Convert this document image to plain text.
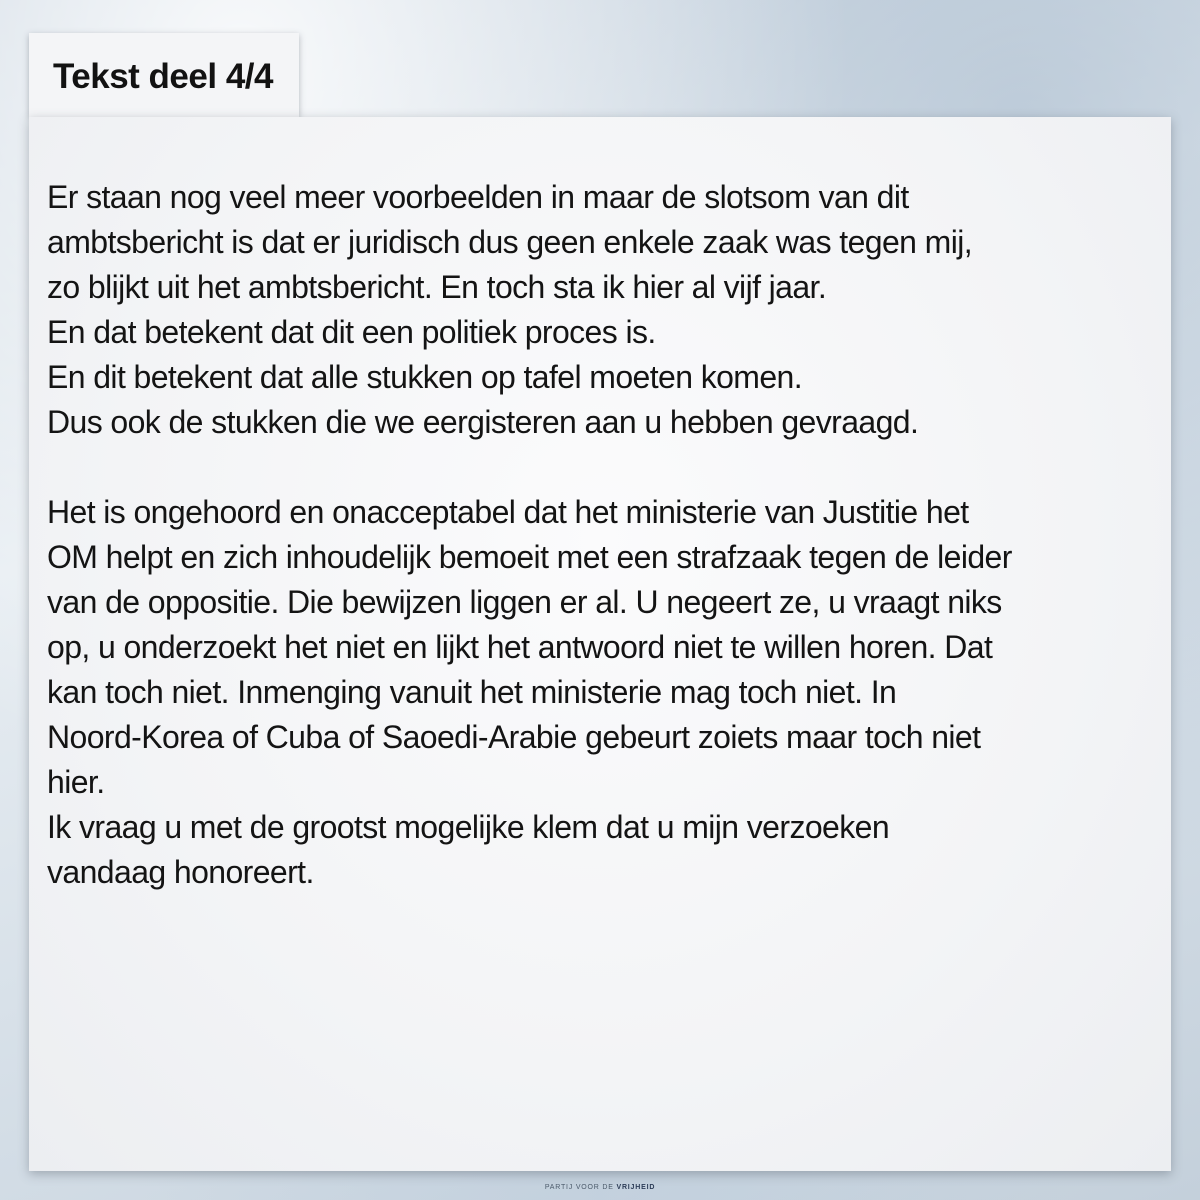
Tekst deel 4/4

Er staan nog veel meer voorbeelden in maar de slotsom van dit
ambtsbericht is dat er juridisch dus geen enkele zaak was tegen mij,
zo blijkt uit het ambtsbericht. En toch sta ik hier al vijf jaar.
En dat betekent dat dit een politiek proces is.
En dit betekent dat alle stukken op tafel moeten komen.
Dus ook de stukken die we eergisteren aan u hebben gevraagd.

Het is ongehoord en onacceptabel dat het ministerie van Justitie het
OM helpt en zich inhoudelijk bemoeit met een strafzaak tegen de leider
van de oppositie. Die bewijzen liggen er al. U negeert ze, u vraagt niks
op, u onderzoekt het niet en lijkt het antwoord niet te willen horen. Dat
kan toch niet. Inmenging vanuit het ministerie mag toch niet. In
Noord-Korea of Cuba of Saoedi-Arabie gebeurt zoiets maar toch niet
hier.
Ik vraag u met de grootst mogelijke klem dat u mijn verzoeken
vandaag honoreert.

PARTIJ VOOR DE VRIJHEID
